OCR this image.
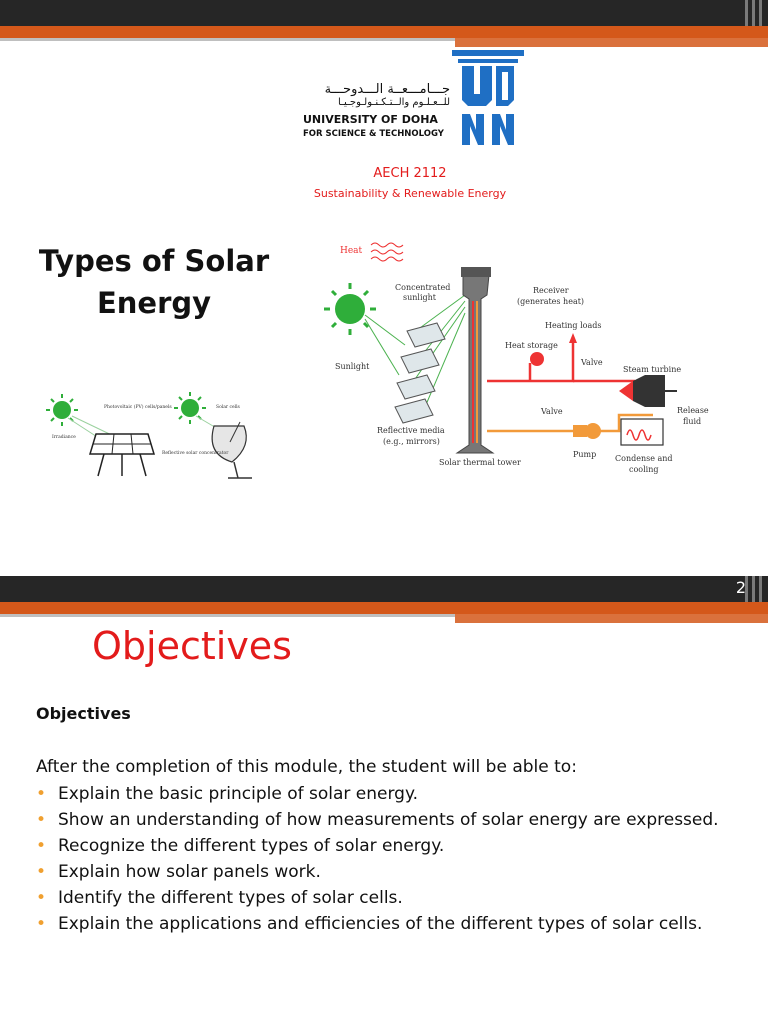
جـــامـــعــة الـــدوحـــة
للــعـلـوم والــتـكـنـولـوجـيـا
UNIVERSITY OF DOHA
FOR SCIENCE & TECHNOLOGY
AECH 2112
Sustainability & Renewable Energy
Types of Solar
Energy
Photovoltaic (PV) cells/panels
Irradiance
Solar cells
Reflective solar concentrator
Heat
Concentrated
sunlight
Sunlight
Reflective media
(e.g., mirrors)
Solar thermal tower
Receiver
(generates heat)
Heating loads
Heat storage
Valve
Steam turbine
Release
fluid
Valve
Pump Condense and
cooling
2
Objectives
Objectives
After the completion of this module, the student will be able to:
• Explain the basic principle of solar energy.
• Show an understanding of how measurements of solar energy are expressed.
• Recognize the different types of solar energy.
• Explain how solar panels work.
• Identify the different types of solar cells.
• Explain the applications and efficiencies of the different types of solar cells.
